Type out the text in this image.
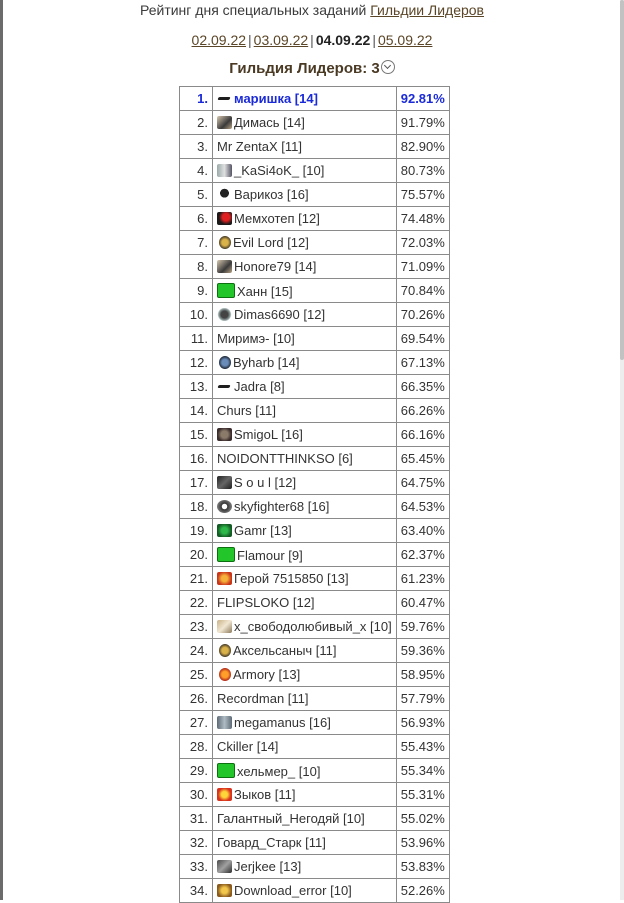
Рейтинг дня специальных заданий Гильдии Лидеров
02.09.22 | 03.09.22 | 04.09.22 | 05.09.22
Гильдия Лидеров: 3
1.	маришка [14]	92.81%
2.	Димась [14]	91.79%
3.	Mr ZentaX [11]	82.90%
4.	_KaSi4oK_ [10]	80.73%
5.	Варикоз [16]	75.57%
6.	Мемхотеп [12]	74.48%
7.	Evil Lord [12]	72.03%
8.	Honore79 [14]	71.09%
9.	Ханн [15]	70.84%
10.	Dimas6690 [12]	70.26%
11.	Миримэ- [10]	69.54%
12.	Byharb [14]	67.13%
13.	Jadra [8]	66.35%
14.	Churs [11]	66.26%
15.	SmigoL [16]	66.16%
16.	NOIDONTTHINKSO [6]	65.45%
17.	S o u l [12]	64.75%
18.	skyfighter68 [16]	64.53%
19.	Gamr [13]	63.40%
20.	Flamour [9]	62.37%
21.	Герой 7515850 [13]	61.23%
22.	FLIPSLOKO [12]	60.47%
23.	x_свободолюбивый_x [10]	59.76%
24.	Аксельсаныч [11]	59.36%
25.	Armory [13]	58.95%
26.	Recordman [11]	57.79%
27.	megamanus [16]	56.93%
28.	Ckiller [14]	55.43%
29.	хельмер_ [10]	55.34%
30.	Зыков [11]	55.31%
31.	Галантный_Негодяй [10]	55.02%
32.	Говард_Старк [11]	53.96%
33.	Jerjkee [13]	53.83%
34.	Download_error [10]	52.26%
